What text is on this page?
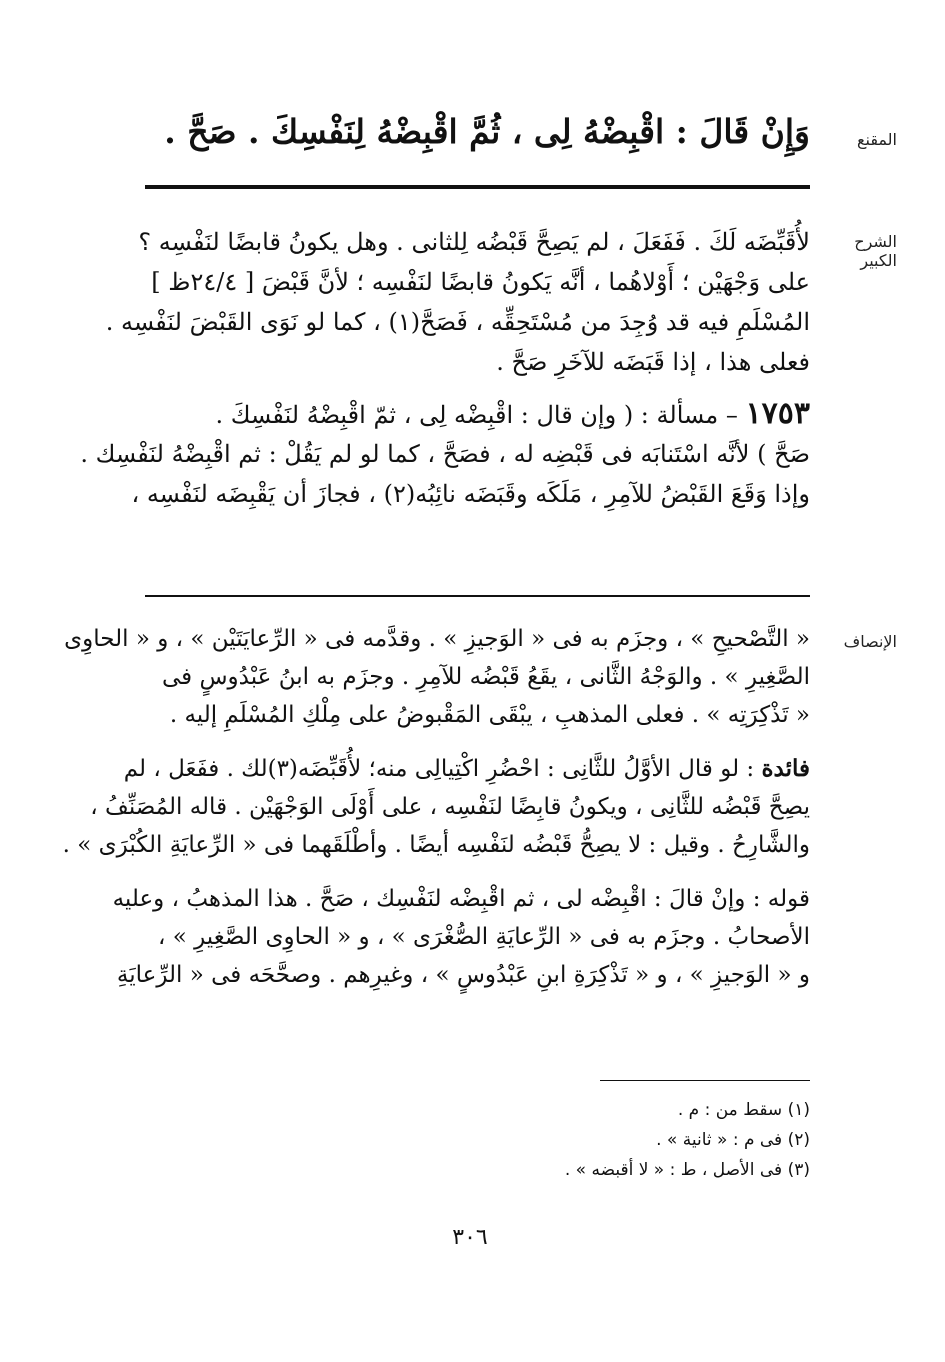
المقنع
وَإِنْ قَالَ : اقْبِضْهُ لِى ، ثُمَّ اقْبِضْهُ لِنَفْسِكَ . صَحَّ .
الشرح الكبير
لأُقَبِّضَه لَكَ . فَفَعَلَ ، لم يَصِحَّ قَبْضُه لِلثانى . وهل يكونُ قابضًا لنَفْسِه ؟
على وَجْهَيْن ؛ أَوْلاهُما ، أنَّه يَكونُ قابضًا لنَفْسِه ؛ لأنَّ قَبْضَ [ ٢٤/٤ظ ]
المُسْلَمِ فيه قد وُجِدَ من مُسْتَحِقِّه ، فَصَحَّ(١) ، كما لو نَوَى القَبْضَ لنَفْسِه .
فعلى هذا ، إذا قَبَضَه للآخَرِ صَحَّ .
١٧٥٣ – مسألة : ( وإن قال : اقْبِضْه لِى ، ثمّ اقْبِضْهُ لنَفْسِكَ .
صَحَّ ) لأنَّه اسْتَنابَه فى قَبْضِه له ، فصَحَّ ، كما لو لم يَقُلْ : ثم اقْبِضْهُ لنَفْسِك .
وإذا وَقَعَ القَبْضُ للآمِرِ ، مَلَكَه وقَبَضَه نائِبُه(٢) ، فجازَ أن يَقْبِضَه لنَفْسِه ،
الإنصاف
« التَّصْحيحِ » ، وجزَم به فى « الوَجيزِ » . وقدَّمه فى « الرِّعايَتَيْن » ، و « الحاوِى
الصَّغِيرِ » . والوَجْهُ الثَّانى ، يقَعُ قَبْضُه للآمِرِ . وجزَم به ابنُ عَبْدُوسٍ فى
« تَذْكِرَتِه » . فعلى المذهبِ ، يبْقَى المَقْبوضُ على مِلْكِ المُسْلَمِ إليه .
فائدة : لو قال الأوَّلُ للثَّانِى : احْضُرِ اكْتِيالِى منه؛ لأُقَبِّضَه(٣)لك . ففَعَل ، لم
يصِحَّ قَبْضُه للثَّانِى ، ويكونُ قابِضًا لنَفْسِه ، على أَوْلَى الوَجْهَيْن . قاله المُصَنِّفُ ،
والشَّارِحُ . وقيل : لا يصِحُّ قَبْضُه لنَفْسِه أيضًا . وأطْلَقَهما فى « الرِّعايَةِ الكُبْرَى » .
قوله : وإنْ قالَ : اقْبِضْه لى ، ثم اقْبِضْه لنَفْسِك ، صَحَّ . هذا المذهبُ ، وعليه
الأصحابُ . وجزَم به فى « الرِّعايَةِ الصُّغْرَى » ، و « الحاوِى الصَّغِيرِ » ،
و « الوَجيزِ » ، و « تَذْكِرَةِ ابنِ عَبْدُوسٍ » ، وغيرِهم . وصحَّحَه فى « الرِّعايَةِ
(١) سقط من : م .
(٢) فى م : « ثانية » .
(٣) فى الأصل ، ط : « لا أقبضه » .
٣٠٦
